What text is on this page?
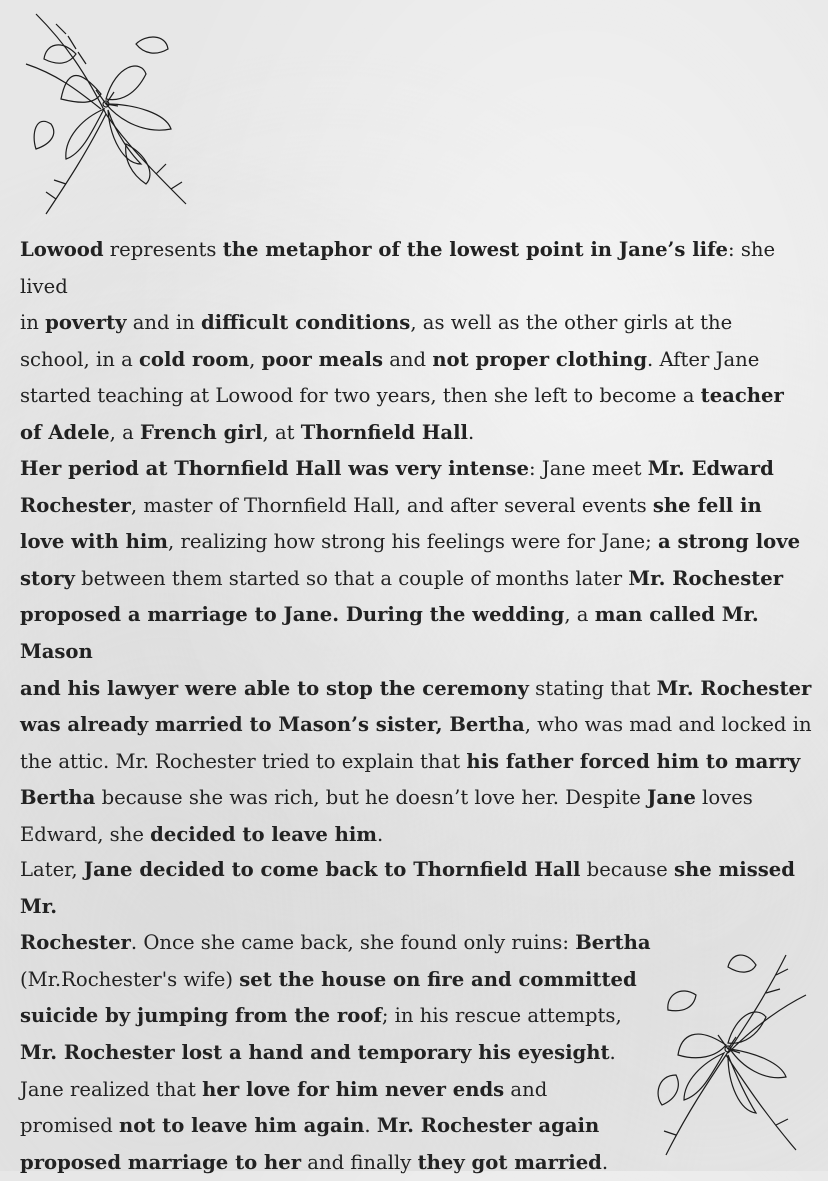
Lowood represents the metaphor of the lowest point in Jane’s life: she lived
in poverty and in difficult conditions, as well as the other girls at the
school, in a cold room, poor meals and not proper clothing. After Jane
started teaching at Lowood for two years, then she left to become a teacher
of Adele, a French girl, at Thornfield Hall.
Her period at Thornfield Hall was very intense: Jane meet Mr. Edward
Rochester, master of Thornfield Hall, and after several events she fell in
love with him, realizing how strong his feelings were for Jane; a strong love
story between them started so that a couple of months later Mr. Rochester
proposed a marriage to Jane. During the wedding, a man called Mr. Mason
and his lawyer were able to stop the ceremony stating that Mr. Rochester
was already married to Mason’s sister, Bertha, who was mad and locked in
the attic. Mr. Rochester tried to explain that his father forced him to marry
Bertha because she was rich, but he doesn’t love her. Despite Jane loves
Edward, she decided to leave him.
Later, Jane decided to come back to Thornfield Hall because she missed Mr.
Rochester. Once she came back, she found only ruins: Bertha
(Mr.Rochester's wife) set the house on fire and committed
suicide by jumping from the roof; in his rescue attempts,
Mr. Rochester lost a hand and temporary his eyesight.
Jane realized that her love for him never ends and
promised not to leave him again. Mr. Rochester again
proposed marriage to her and finally they got married.
